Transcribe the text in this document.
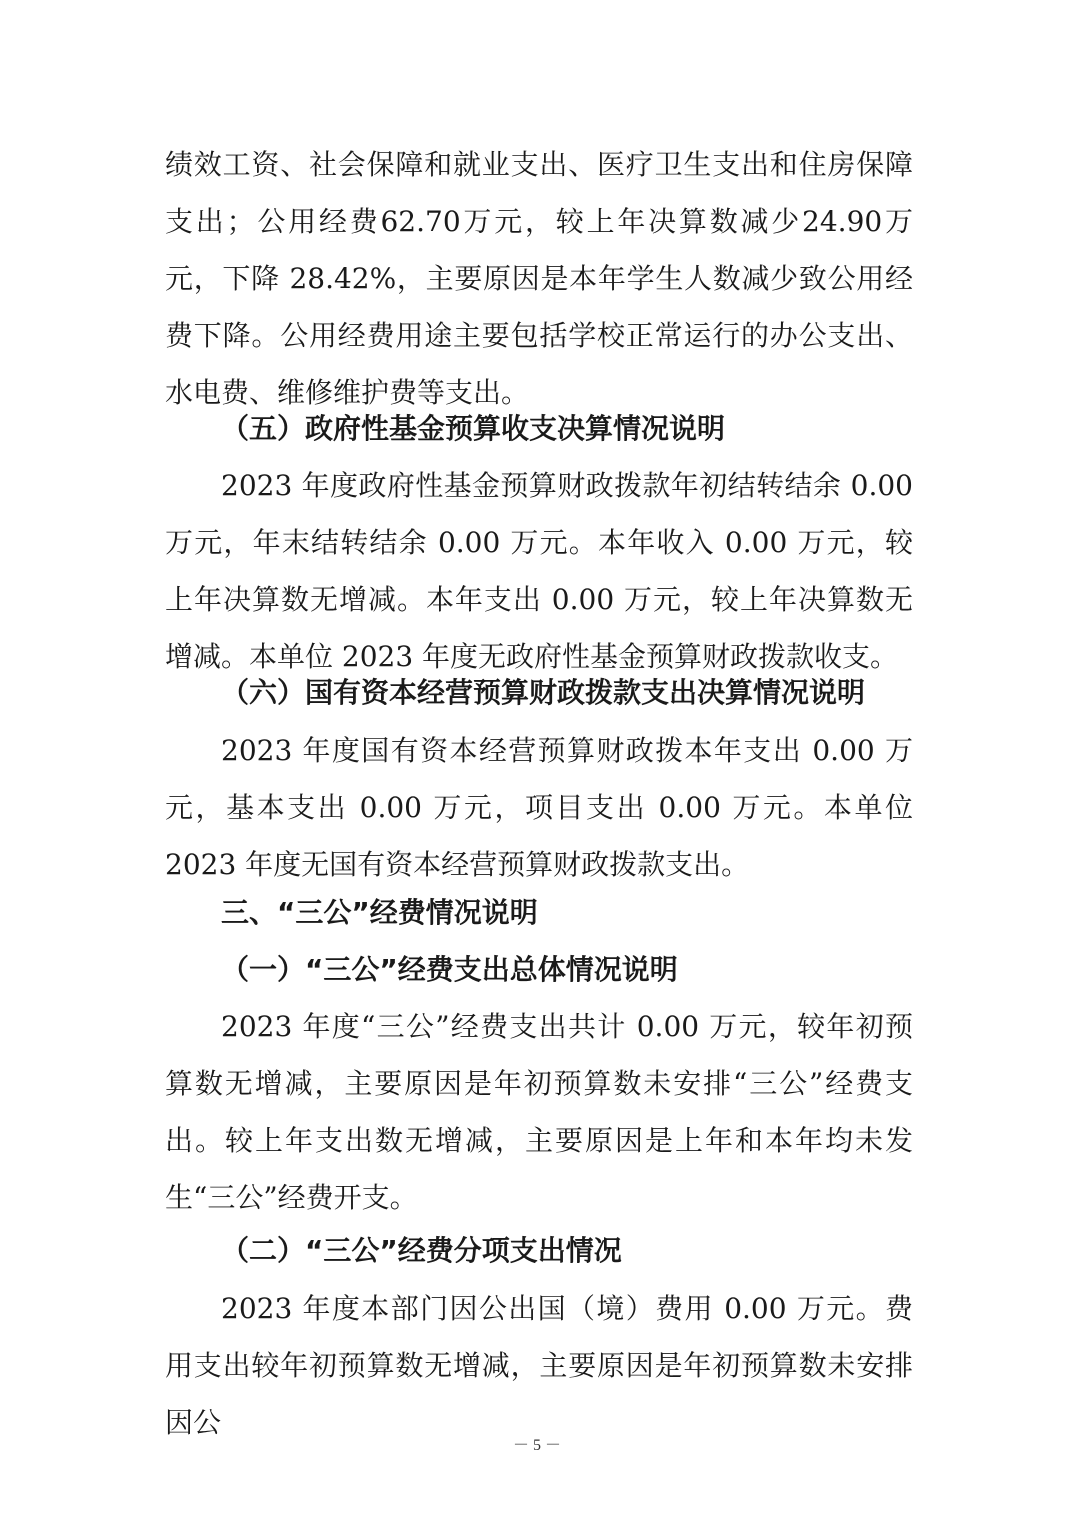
绩效工资、社会保障和就业支出、医疗卫生支出和住房保障支出；公用经费62.70万元，较上年决算数减少24.90万元，下降 28.42%，主要原因是本年学生人数减少致公用经费下降。公用经费用途主要包括学校正常运行的办公支出、水电费、维修维护费等支出。

（五）政府性基金预算收支决算情况说明

2023 年度政府性基金预算财政拨款年初结转结余 0.00 万元，年末结转结余 0.00 万元。本年收入 0.00 万元，较上年决算数无增减。本年支出 0.00 万元，较上年决算数无增减。本单位 2023 年度无政府性基金预算财政拨款收支。

（六）国有资本经营预算财政拨款支出决算情况说明

2023 年度国有资本经营预算财政拨本年支出 0.00 万元，基本支出 0.00 万元，项目支出 0.00 万元。本单位 2023 年度无国有资本经营预算财政拨款支出。

三、“三公”经费情况说明
（一）“三公”经费支出总体情况说明

2023 年度“三公”经费支出共计 0.00 万元，较年初预算数无增减，主要原因是年初预算数未安排“三公”经费支出。较上年支出数无增减，主要原因是上年和本年均未发生“三公”经费开支。

（二）“三公”经费分项支出情况

2023 年度本部门因公出国（境）费用 0.00 万元。费用支出较年初预算数无增减，主要原因是年初预算数未安排因公

－ 5 －
